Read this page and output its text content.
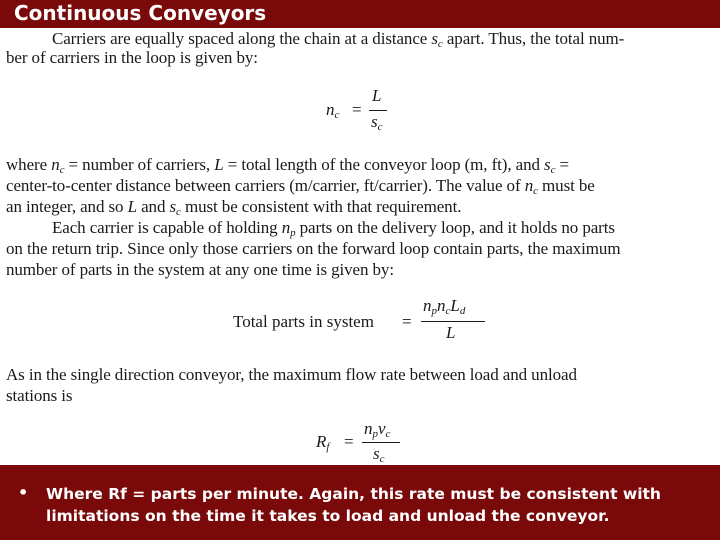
Continuous Conveyors
Carriers are equally spaced along the chain at a distance $s_c$ apart. Thus, the total num-
ber of carriers in the loop is given by:
$n_c$ =
L
$s_c$
where $n_c$ = number of carriers, L = total length of the conveyor loop (m, ft), and $s_c$ =
center-to-center distance between carriers (m/carrier, ft/carrier). The value of $n_c$ must be
an integer, and so L and $s_c$ must be consistent with that requirement.
Each carrier is capable of holding $n_p$ parts on the delivery loop, and it holds no parts
on the return trip. Since only those carriers on the forward loop contain parts, the maximum
number of parts in the system at any one time is given by:
Total parts in system =
$n_pn_cL_d$
L
As in the single direction conveyor, the maximum flow rate between load and unload
stations is
$R_f$ =
$n_pv_c$
$s_c$
• Where Rf = parts per minute. Again, this rate must be consistent with limitations on the time it takes to load and unload the conveyor.
